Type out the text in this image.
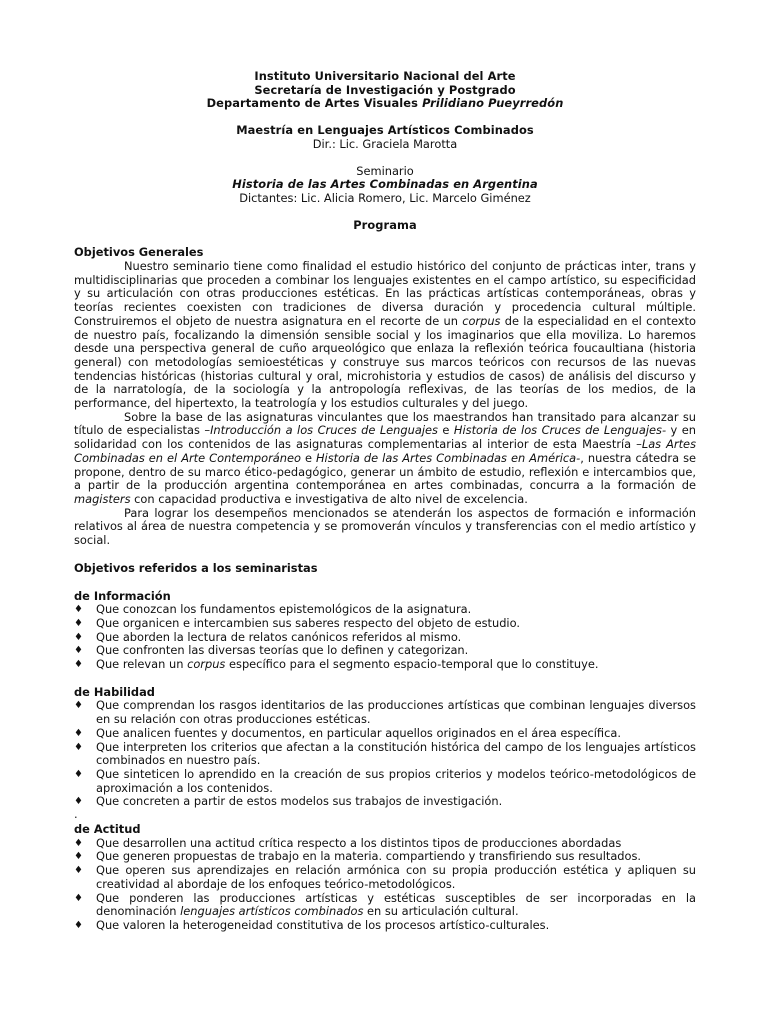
Instituto Universitario Nacional del Arte
Secretaría de Investigación y Postgrado
Departamento de Artes Visuales Prilidiano Pueyrredón
Maestría en Lenguajes Artísticos Combinados
Dir.: Lic. Graciela Marotta
Seminario
Historia de las Artes Combinadas en Argentina
Dictantes: Lic. Alicia Romero, Lic. Marcelo Giménez
Programa

Objetivos Generales

Nuestro seminario tiene como finalidad el estudio histórico del conjunto de prácticas inter, trans y multidisciplinarias que proceden a combinar los lenguajes existentes en el campo artístico, su especificidad y su articulación con otras producciones estéticas. En las prácticas artísticas contemporáneas, obras y teorías recientes coexisten con tradiciones de diversa duración y procedencia cultural múltiple. Construiremos el objeto de nuestra asignatura en el recorte de un corpus de la especialidad en el contexto de nuestro país, focalizando la dimensión sensible social y los imaginarios que ella moviliza. Lo haremos desde una perspectiva general de cuño arqueológico que enlaza la reflexión teórica foucaultiana (historia general) con metodologías semioestéticas y construye sus marcos teóricos con recursos de las nuevas tendencias históricas (historias cultural y oral, microhistoria y estudios de casos) de análisis del discurso y de la narratología, de la sociología y la antropología reflexivas, de las teorías de los medios, de la performance, del hipertexto, la teatrología y los estudios culturales y del juego.

Sobre la base de las asignaturas vinculantes que los maestrandos han transitado para alcanzar su título de especialistas –Introducción a los Cruces de Lenguajes e Historia de los Cruces de Lenguajes- y en solidaridad con los contenidos de las asignaturas complementarias al interior de esta Maestría –Las Artes Combinadas en el Arte Contemporáneo e Historia de las Artes Combinadas en América-, nuestra cátedra se propone, dentro de su marco ético-pedagógico, generar un ámbito de estudio, reflexión e intercambios que, a partir de la producción argentina contemporánea en artes combinadas, concurra a la formación de magisters con capacidad productiva e investigativa de alto nivel de excelencia.

Para lograr los desempeños mencionados se atenderán los aspectos de formación e información relativos al área de nuestra competencia y se promoverán vínculos y transferencias con el medio artístico y social.

Objetivos referidos a los seminaristas

de Información

♦ Que conozcan los fundamentos epistemológicos de la asignatura.
♦ Que organicen e intercambien sus saberes respecto del objeto de estudio.
♦ Que aborden la lectura de relatos canónicos referidos al mismo.
♦ Que confronten las diversas teorías que lo definen y categorizan.
♦ Que relevan un corpus específico para el segmento espacio-temporal que lo constituye.

de Habilidad

♦ Que comprendan los rasgos identitarios de las producciones artísticas que combinan lenguajes diversos en su relación con otras producciones estéticas.
♦ Que analicen fuentes y documentos, en particular aquellos originados en el área específica.
♦ Que interpreten los criterios que afectan a la constitución histórica del campo de los lenguajes artísticos combinados en nuestro país.
♦ Que sinteticen lo aprendido en la creación de sus propios criterios y modelos teórico-metodológicos de aproximación a los contenidos.
♦ Que concreten a partir de estos modelos sus trabajos de investigación.
.

de Actitud

♦ Que desarrollen una actitud crítica respecto a los distintos tipos de producciones abordadas
♦ Que generen propuestas de trabajo en la materia. compartiendo y transfiriendo sus resultados.
♦ Que operen sus aprendizajes en relación armónica con su propia producción estética y apliquen su creatividad al abordaje de los enfoques teórico-metodológicos.
♦ Que ponderen las producciones artísticas y estéticas susceptibles de ser incorporadas en la denominación lenguajes artísticos combinados en su articulación cultural.
♦ Que valoren la heterogeneidad constitutiva de los procesos artístico-culturales.
